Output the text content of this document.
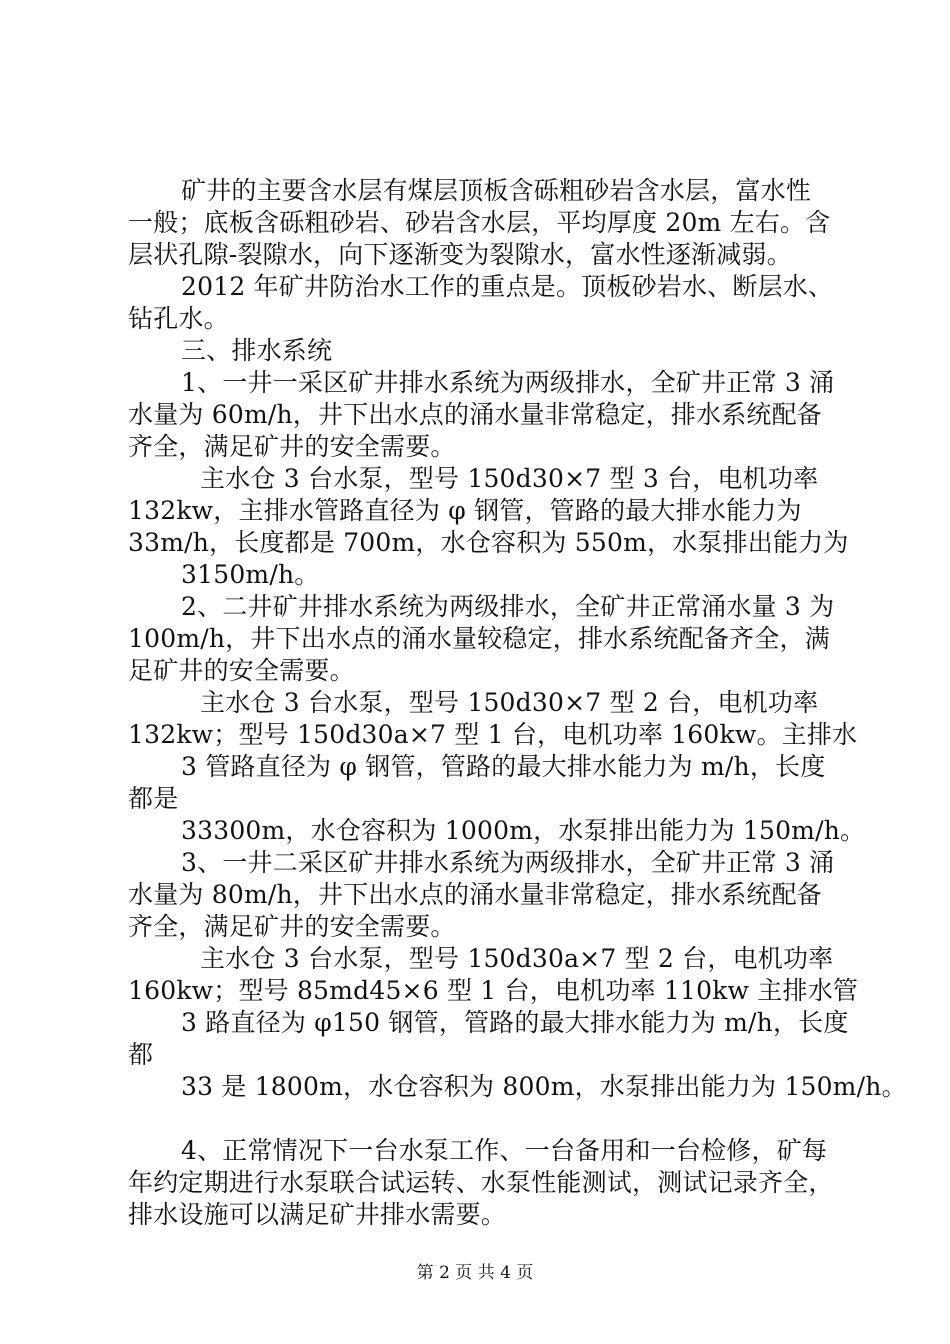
矿井的主要含水层有煤层顶板含砾粗砂岩含水层，富水性
一般；底板含砾粗砂岩、砂岩含水层，平均厚度 20m 左右。含
层状孔隙-裂隙水，向下逐渐变为裂隙水，富水性逐渐减弱。
2012 年矿井防治水工作的重点是。顶板砂岩水、断层水、
钻孔水。
三、排水系统
1、一井一采区矿井排水系统为两级排水，全矿井正常 3 涌
水量为 60m/h，井下出水点的涌水量非常稳定，排水系统配备
齐全，满足矿井的安全需要。
主水仓 3 台水泵，型号 150d30×7 型 3 台，电机功率
132kw，主排水管路直径为 φ 钢管，管路的最大排水能力为
33m/h，长度都是 700m，水仓容积为 550m，水泵排出能力为
3150m/h。
2、二井矿井排水系统为两级排水，全矿井正常涌水量 3 为
100m/h，井下出水点的涌水量较稳定，排水系统配备齐全，满
足矿井的安全需要。
主水仓 3 台水泵，型号 150d30×7 型 2 台，电机功率
132kw；型号 150d30a×7 型 1 台，电机功率 160kw。主排水
3 管路直径为 φ 钢管，管路的最大排水能力为 m/h，长度
都是
33300m，水仓容积为 1000m，水泵排出能力为 150m/h。
3、一井二采区矿井排水系统为两级排水，全矿井正常 3 涌
水量为 80m/h，井下出水点的涌水量非常稳定，排水系统配备
齐全，满足矿井的安全需要。
主水仓 3 台水泵，型号 150d30a×7 型 2 台，电机功率
160kw；型号 85md45×6 型 1 台，电机功率 110kw 主排水管
3 路直径为 φ150 钢管，管路的最大排水能力为 m/h，长度
都
33 是 1800m，水仓容积为 800m，水泵排出能力为 150m/h。
4、正常情况下一台水泵工作、一台备用和一台检修，矿每
年约定期进行水泵联合试运转、水泵性能测试，测试记录齐全，
排水设施可以满足矿井排水需要。
第 2 页 共 4 页
